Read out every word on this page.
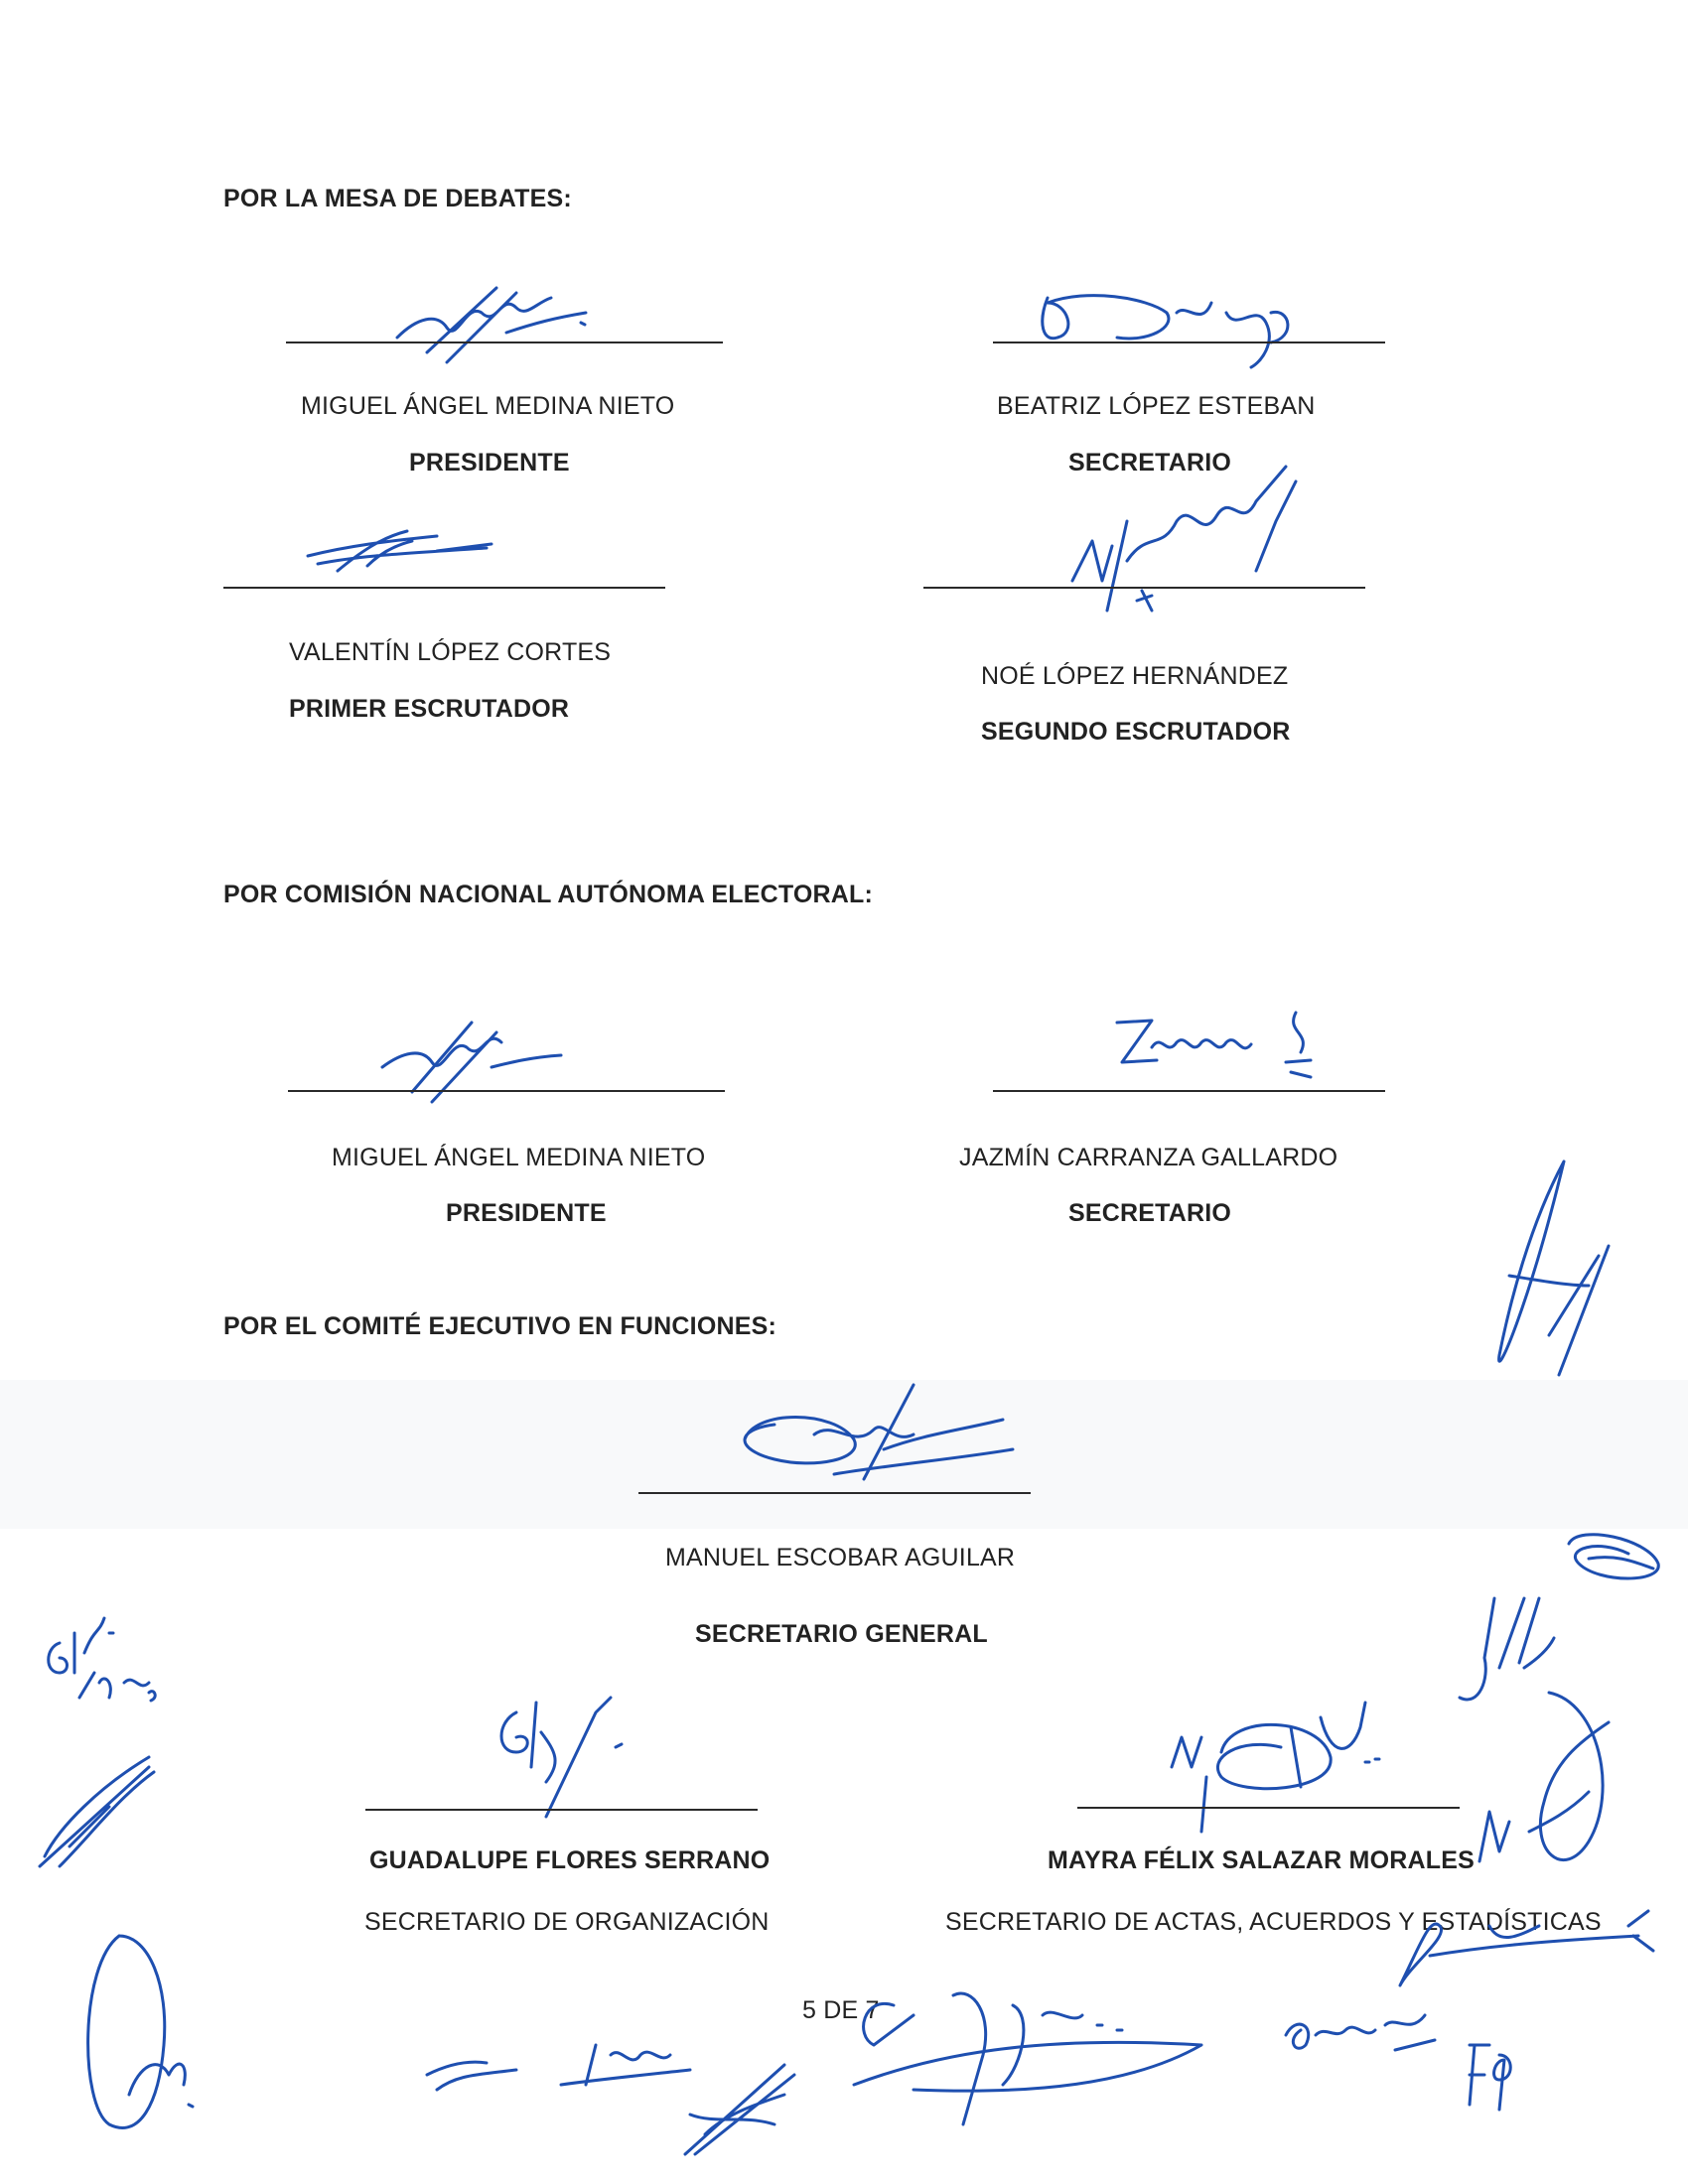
POR LA MESA DE DEBATES:
MIGUEL ÁNGEL MEDINA NIETO
PRESIDENTE
BEATRIZ LÓPEZ ESTEBAN
SECRETARIO
VALENTÍN LÓPEZ CORTES
PRIMER ESCRUTADOR
NOÉ LÓPEZ HERNÁNDEZ
SEGUNDO ESCRUTADOR
POR COMISIÓN NACIONAL AUTÓNOMA ELECTORAL:
MIGUEL ÁNGEL MEDINA NIETO
PRESIDENTE
JAZMÍN CARRANZA GALLARDO
SECRETARIO
POR EL COMITÉ EJECUTIVO EN FUNCIONES:
MANUEL ESCOBAR AGUILAR
SECRETARIO GENERAL
GUADALUPE FLORES SERRANO
SECRETARIO DE ORGANIZACIÓN
MAYRA FÉLIX SALAZAR MORALES
SECRETARIO DE ACTAS, ACUERDOS Y ESTADÍSTICAS
5 DE 7
